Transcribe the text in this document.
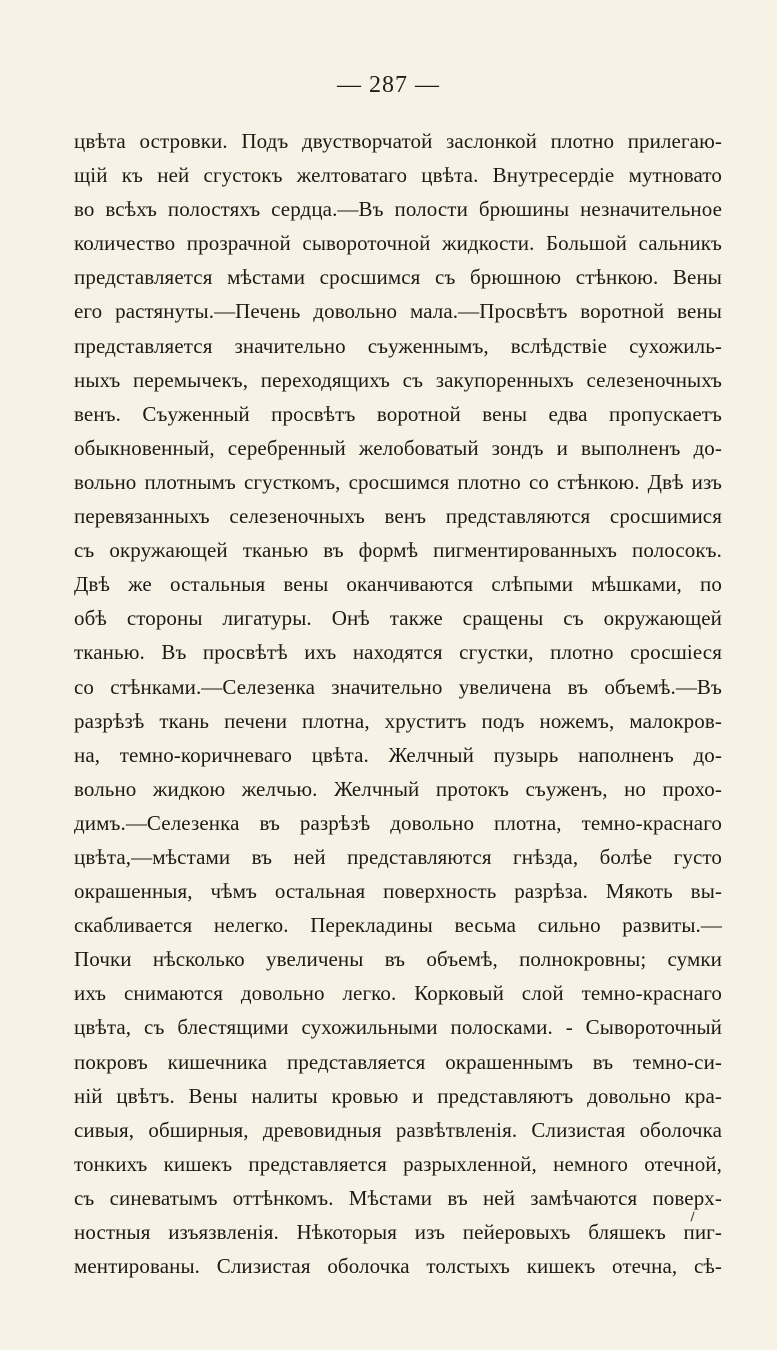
— 287 —
цвѣта островки. Подъ двустворчатой заслонкой плотно прилегаю-
щій къ ней сгустокъ желтоватаго цвѣта. Внутресердіе мутновато
во всѣхъ полостяхъ сердца.—Въ полости брюшины незначительное
количество прозрачной сывороточной жидкости. Большой сальникъ
представляется мѣстами сросшимся съ брюшною стѣнкою. Вены
его растянуты.—Печень довольно мала.—Просвѣтъ воротной вены
представляется значительно съуженнымъ, вслѣдствіе сухожиль-
ныхъ перемычекъ, переходящихъ съ закупоренныхъ селезеночныхъ
венъ. Съуженный просвѣтъ воротной вены едва пропускаетъ
обыкновенный, серебренный желобоватый зондъ и выполненъ до-
вольно плотнымъ сгусткомъ, сросшимся плотно со стѣнкою. Двѣ изъ
перевязанныхъ селезеночныхъ венъ представляются сросшимися
съ окружающей тканью въ формѣ пигментированныхъ полосокъ.
Двѣ же остальныя вены оканчиваются слѣпыми мѣшками, по
обѣ стороны лигатуры. Онѣ также сращены съ окружающей
тканью. Въ просвѣтѣ ихъ находятся сгустки, плотно сросшіеся
со стѣнками.—Селезенка значительно увеличена въ объемѣ.—Въ
разрѣзѣ ткань печени плотна, хруститъ подъ ножемъ, малокров-
на, темно-коричневаго цвѣта. Желчный пузырь наполненъ до-
вольно жидкою желчью. Желчный протокъ съуженъ, но прохо-
димъ.—Селезенка въ разрѣзѣ довольно плотна, темно-краснаго
цвѣта,—мѣстами въ ней представляются гнѣзда, болѣе густо
окрашенныя, чѣмъ остальная поверхность разрѣза. Мякоть вы-
скабливается нелегко. Перекладины весьма сильно развиты.—
Почки нѣсколько увеличены въ объемѣ, полнокровны; сумки
ихъ снимаются довольно легко. Корковый слой темно-краснаго
цвѣта, съ блестящими сухожильными полосками. - Сывороточный
покровъ кишечника представляется окрашеннымъ въ темно-си-
ній цвѣтъ. Вены налиты кровью и представляютъ довольно кра-
сивыя, обширныя, древовидныя развѣтвленія. Слизистая оболочка
тонкихъ кишекъ представляется разрыхленной, немного отечной,
съ синеватымъ оттѣнкомъ. Мѣстами въ ней замѣчаются поверх-
ностныя изъязвленія. Нѣкоторыя изъ пейеровыхъ бляшекъ пиг-
ментированы. Слизистая оболочка толстыхъ кишекъ отечна, сѣ-
